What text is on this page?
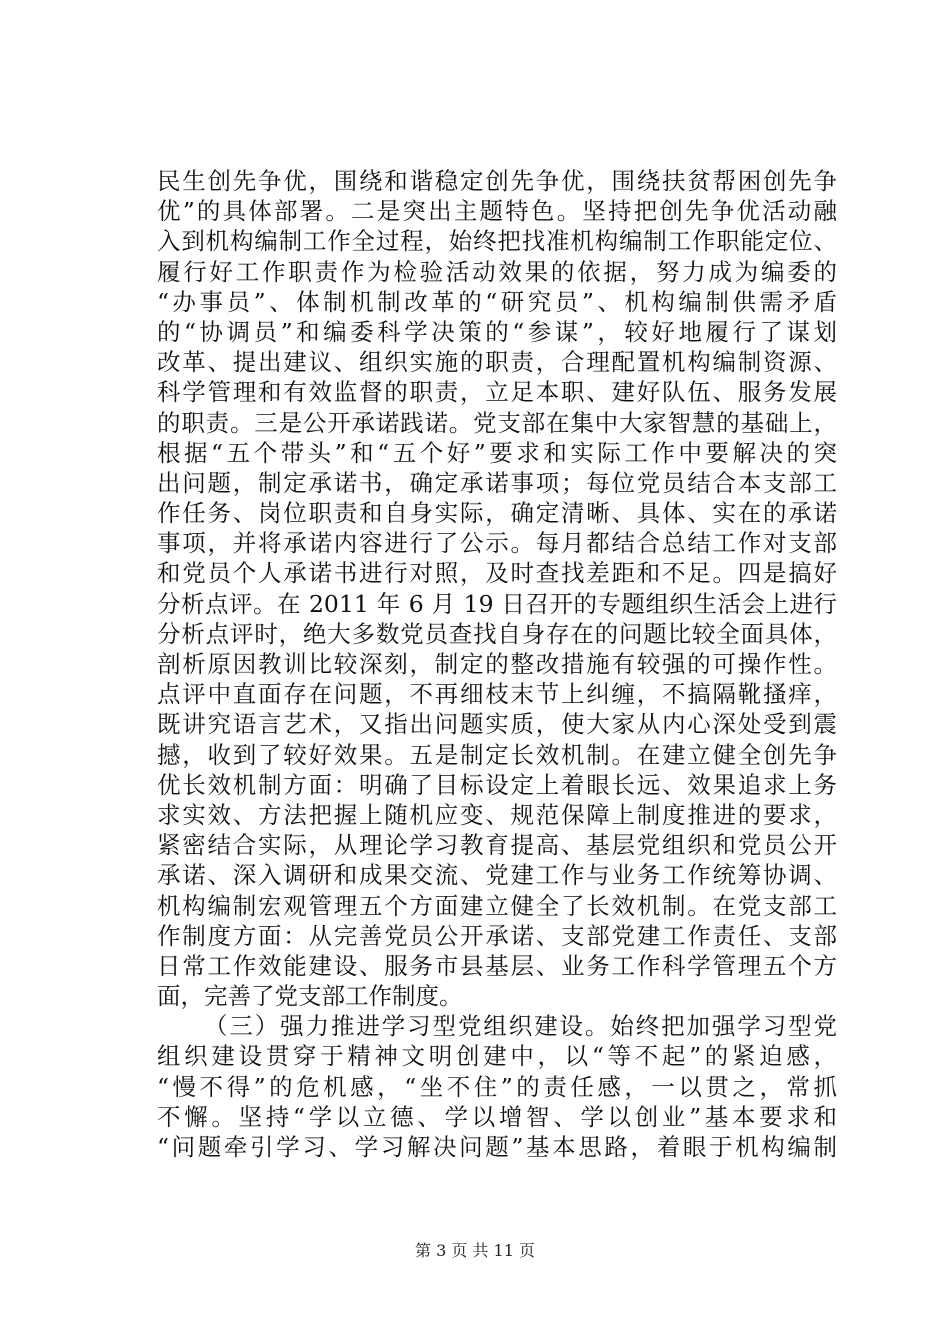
民生创先争优，围绕和谐稳定创先争优，围绕扶贫帮困创先争
优”的具体部署。二是突出主题特色。坚持把创先争优活动融
入到机构编制工作全过程，始终把找准机构编制工作职能定位、
履行好工作职责作为检验活动效果的依据，努力成为编委的
“办事员”、体制机制改革的“研究员”、机构编制供需矛盾
的“协调员”和编委科学决策的“参谋”，较好地履行了谋划
改革、提出建议、组织实施的职责，合理配置机构编制资源、
科学管理和有效监督的职责，立足本职、建好队伍、服务发展
的职责。三是公开承诺践诺。党支部在集中大家智慧的基础上，
根据“五个带头”和“五个好”要求和实际工作中要解决的突
出问题，制定承诺书，确定承诺事项；每位党员结合本支部工
作任务、岗位职责和自身实际，确定清晰、具体、实在的承诺
事项，并将承诺内容进行了公示。每月都结合总结工作对支部
和党员个人承诺书进行对照，及时查找差距和不足。四是搞好
分析点评。在 2011 年 6 月 19 日召开的专题组织生活会上进行
分析点评时，绝大多数党员查找自身存在的问题比较全面具体，
剖析原因教训比较深刻，制定的整改措施有较强的可操作性。
点评中直面存在问题，不再细枝末节上纠缠，不搞隔靴搔痒，
既讲究语言艺术，又指出问题实质，使大家从内心深处受到震
撼，收到了较好效果。五是制定长效机制。在建立健全创先争
优长效机制方面：明确了目标设定上着眼长远、效果追求上务
求实效、方法把握上随机应变、规范保障上制度推进的要求，
紧密结合实际，从理论学习教育提高、基层党组织和党员公开
承诺、深入调研和成果交流、党建工作与业务工作统筹协调、
机构编制宏观管理五个方面建立健全了长效机制。在党支部工
作制度方面：从完善党员公开承诺、支部党建工作责任、支部
日常工作效能建设、服务市县基层、业务工作科学管理五个方
面，完善了党支部工作制度。
（三）强力推进学习型党组织建设。始终把加强学习型党
组织建设贯穿于精神文明创建中，以“等不起”的紧迫感，
“慢不得”的危机感，“坐不住”的责任感，一以贯之，常抓
不懈。坚持“学以立德、学以增智、学以创业”基本要求和
“问题牵引学习、学习解决问题”基本思路，着眼于机构编制
第 3 页 共 11 页
